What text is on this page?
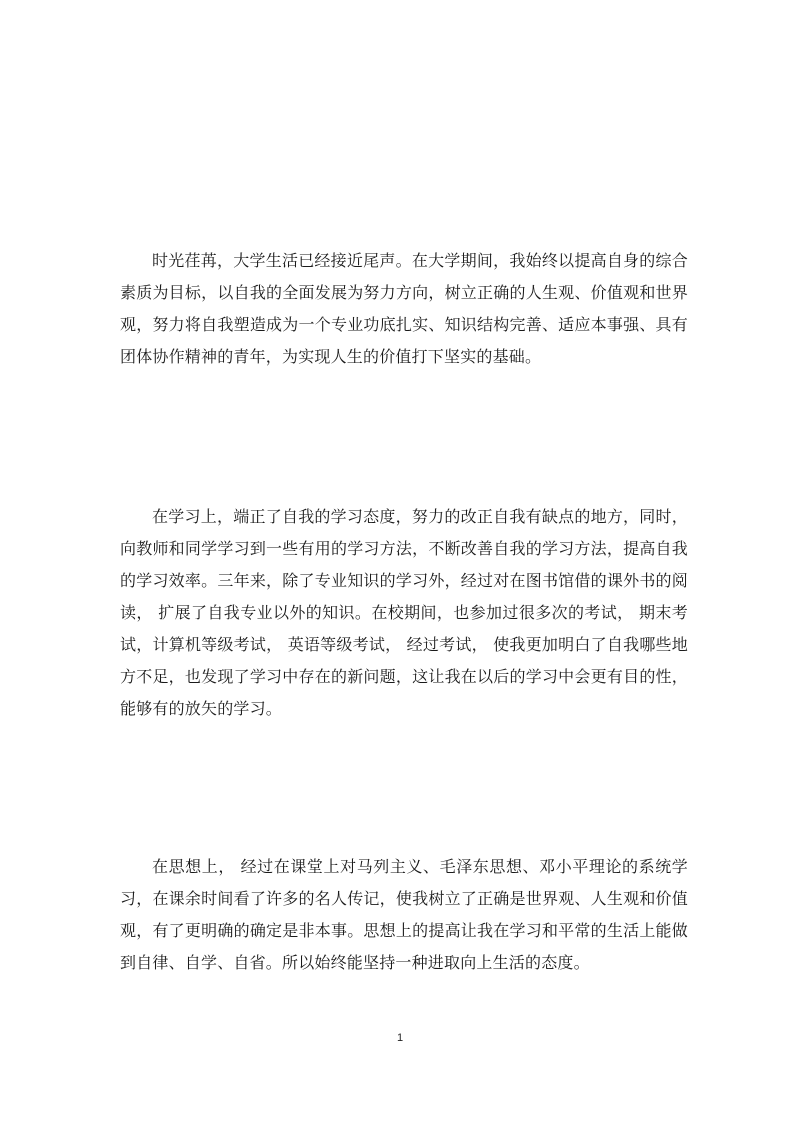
时光荏苒，大学生活已经接近尾声。在大学期间，我始终以提高自身的综合素质为目标，以自我的全面发展为努力方向，树立正确的人生观、价值观和世界观，努力将自我塑造成为一个专业功底扎实、知识结构完善、适应本事强、具有团体协作精神的青年，为实现人生的价值打下坚实的基础。

在学习上，端正了自我的学习态度，努力的改正自我有缺点的地方，同时，向教师和同学学习到一些有用的学习方法，不断改善自我的学习方法，提高自我的学习效率。三年来，除了专业知识的学习外，经过对在图书馆借的课外书的阅读， 扩展了自我专业以外的知识。在校期间，也参加过很多次的考试， 期末考试，计算机等级考试， 英语等级考试， 经过考试， 使我更加明白了自我哪些地方不足，也发现了学习中存在的新问题，这让我在以后的学习中会更有目的性，能够有的放矢的学习。

在思想上， 经过在课堂上对马列主义、毛泽东思想、邓小平理论的系统学习，在课余时间看了许多的名人传记，使我树立了正确是世界观、人生观和价值观，有了更明确的确定是非本事。思想上的提高让我在学习和平常的生活上能做到自律、自学、自省。所以始终能坚持一种进取向上生活的态度。

1
